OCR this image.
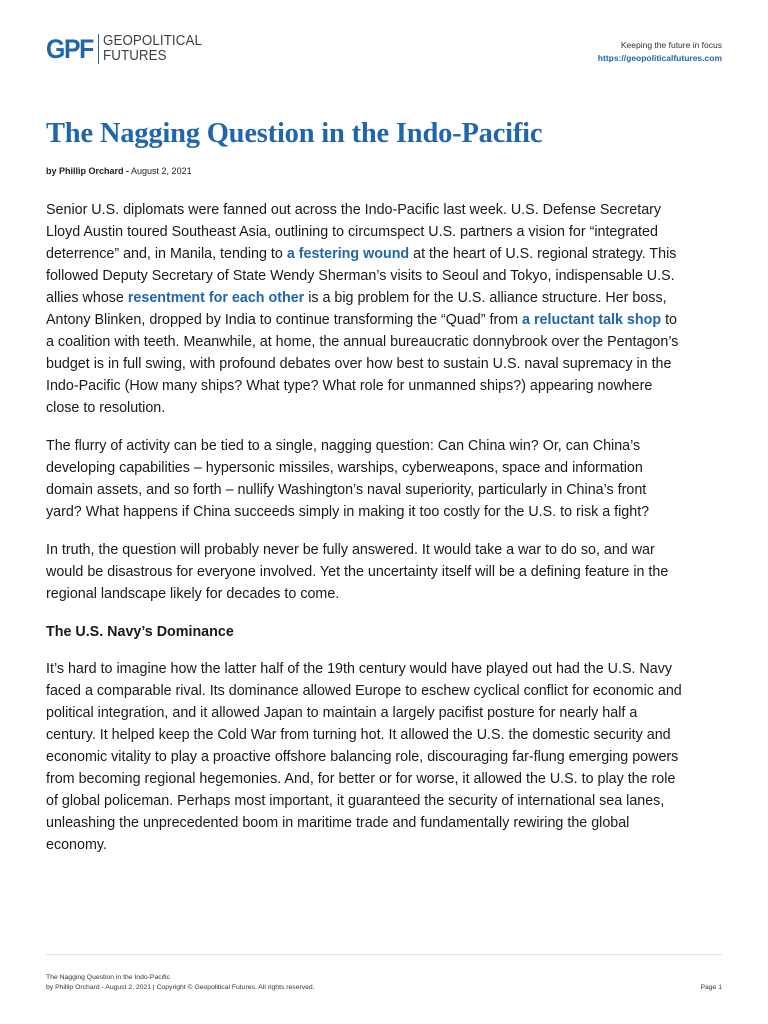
GPF GEOPOLITICAL
FUTURES
Keeping the future in focus
https://geopoliticalfutures.com
The Nagging Question in the Indo-Pacific
by Phillip Orchard - August 2, 2021

Senior U.S. diplomats were fanned out across the Indo-Pacific last week. U.S. Defense Secretary
Lloyd Austin toured Southeast Asia, outlining to circumspect U.S. partners a vision for “integrated
deterrence” and, in Manila, tending to a festering wound at the heart of U.S. regional strategy. This
followed Deputy Secretary of State Wendy Sherman’s visits to Seoul and Tokyo, indispensable U.S.
allies whose resentment for each other is a big problem for the U.S. alliance structure. Her boss,
Antony Blinken, dropped by India to continue transforming the “Quad” from a reluctant talk shop to
a coalition with teeth. Meanwhile, at home, the annual bureaucratic donnybrook over the Pentagon’s
budget is in full swing, with profound debates over how best to sustain U.S. naval supremacy in the
Indo-Pacific (How many ships? What type? What role for unmanned ships?) appearing nowhere
close to resolution.

The flurry of activity can be tied to a single, nagging question: Can China win? Or, can China’s
developing capabilities – hypersonic missiles, warships, cyberweapons, space and information
domain assets, and so forth – nullify Washington’s naval superiority, particularly in China’s front
yard? What happens if China succeeds simply in making it too costly for the U.S. to risk a fight?

In truth, the question will probably never be fully answered. It would take a war to do so, and war
would be disastrous for everyone involved. Yet the uncertainty itself will be a defining feature in the
regional landscape likely for decades to come.

The U.S. Navy’s Dominance

It’s hard to imagine how the latter half of the 19th century would have played out had the U.S. Navy
faced a comparable rival. Its dominance allowed Europe to eschew cyclical conflict for economic and
political integration, and it allowed Japan to maintain a largely pacifist posture for nearly half a
century. It helped keep the Cold War from turning hot. It allowed the U.S. the domestic security and
economic vitality to play a proactive offshore balancing role, discouraging far-flung emerging powers
from becoming regional hegemonies. And, for better or for worse, it allowed the U.S. to play the role
of global policeman. Perhaps most important, it guaranteed the security of international sea lanes,
unleashing the unprecedented boom in maritime trade and fundamentally rewiring the global
economy.

The Nagging Question in the Indo-Pacific
by Phillip Orchard - August 2, 2021 | Copyright © Geopolitical Futures. All rights reserved.	Page 1
